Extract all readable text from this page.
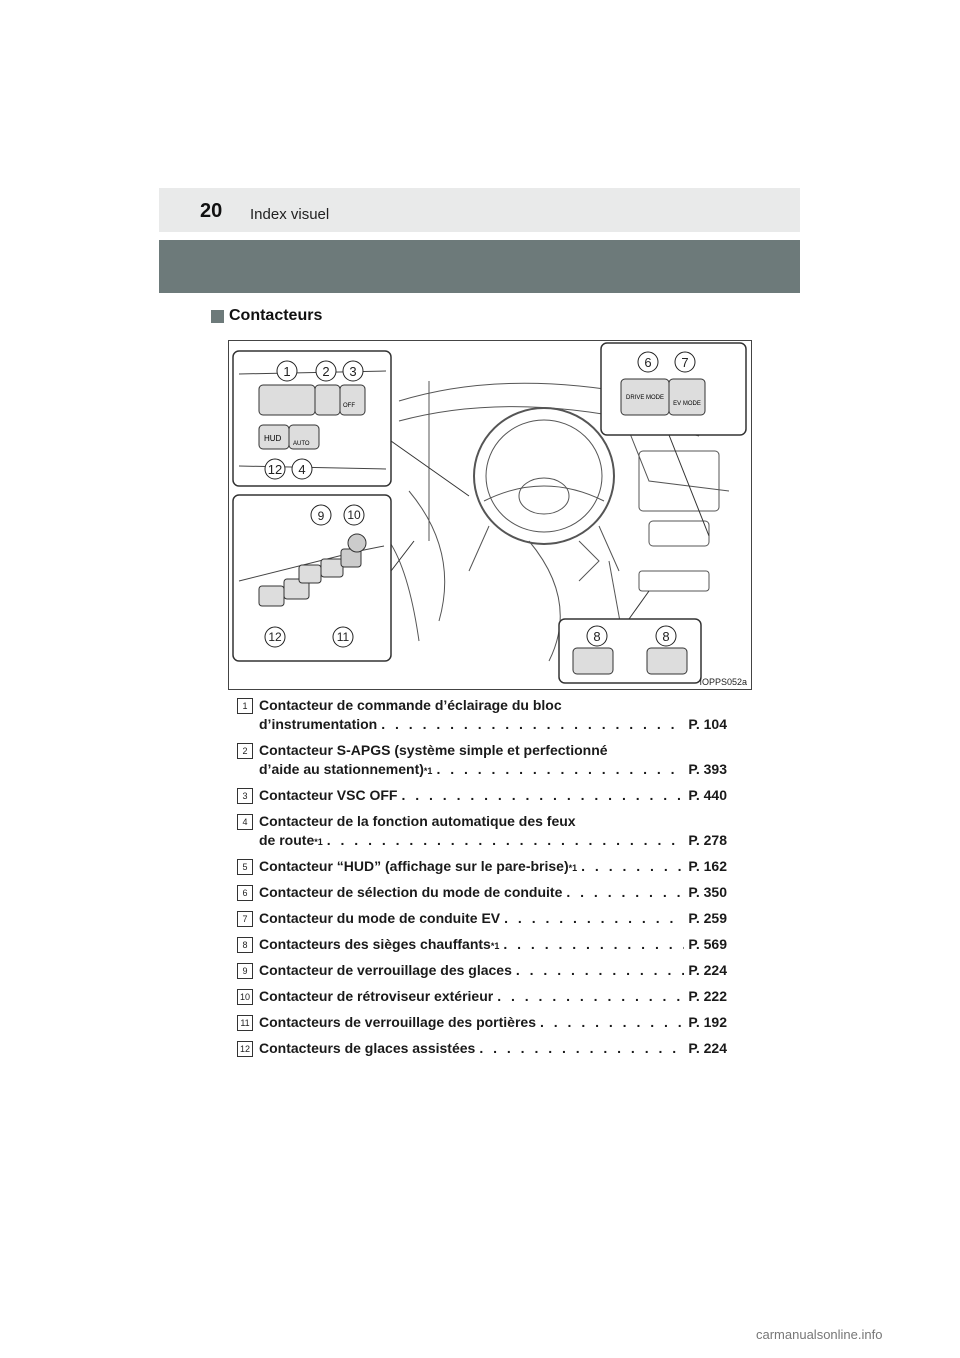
20 Index visuel
Contacteurs
HUD
AUTO
OFF
1 2 3
12 4
9 10
12	11
DRIVE MODE
EV MODE
6 7
8	8
IOPPS052a
1 Contacteur de commande d’éclairage du bloc
d’instrumentation . . .	P. 104
2 Contacteur S-APGS (système simple et perfectionné
d’aide au stationnement) *1 . . .	P. 393
3 Contacteur VSC OFF . . .	P. 440
4 Contacteur de la fonction automatique des feux
de route *1 . . .	P. 278
5 Contacteur “HUD” (affichage sur le pare-brise) *1 . . .	P. 162
6 Contacteur de sélection du mode de conduite . . .	P. 350
7 Contacteur du mode de conduite EV . . .	P. 259
8 Contacteurs des sièges chauffants *1 . . .	P. 569
9 Contacteur de verrouillage des glaces . . .	P. 224
10 Contacteur de rétroviseur extérieur . . .	P. 222
11 Contacteurs de verrouillage des portières . . .	P. 192
12 Contacteurs de glaces assistées . . .	P. 224
carmanualsonline.info
